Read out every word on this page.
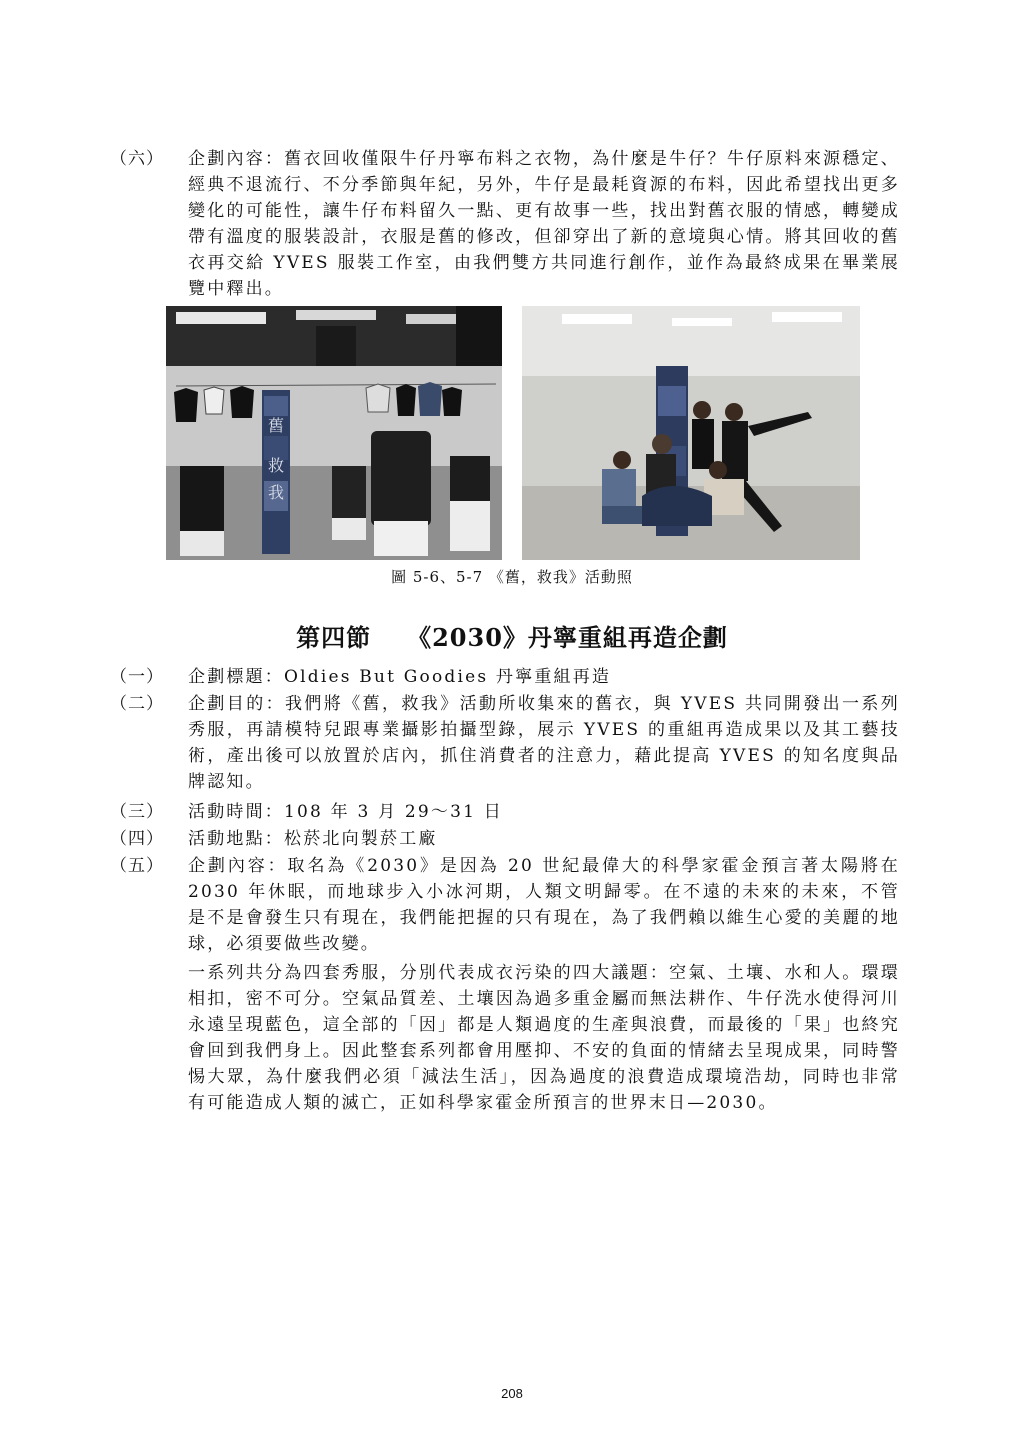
（六）	企劃內容：舊衣回收僅限牛仔丹寧布料之衣物，為什麼是牛仔？牛仔原料來源穩定、經典不退流行、不分季節與年紀，另外，牛仔是最耗資源的布料，因此希望找出更多變化的可能性，讓牛仔布料留久一點、更有故事一些，找出對舊衣服的情感，轉變成帶有溫度的服裝設計，衣服是舊的修改，但卻穿出了新的意境與心情。將其回收的舊衣再交給 YVES 服裝工作室，由我們雙方共同進行創作，並作為最終成果在畢業展覽中釋出。
舊
救
我
圖 5-6、5-7 《舊，救我》活動照
第四節 《2030》丹寧重組再造企劃
（一）	企劃標題：Oldies But Goodies 丹寧重組再造
（二）	企劃目的：我們將《舊，救我》活動所收集來的舊衣，與 YVES 共同開發出一系列秀服，再請模特兒跟專業攝影拍攝型錄，展示 YVES 的重組再造成果以及其工藝技術，產出後可以放置於店內，抓住消費者的注意力，藉此提高 YVES 的知名度與品牌認知。
（三）	活動時間：108 年 3 月 29～31 日
（四）	活動地點：松菸北向製菸工廠
（五）	企劃內容：取名為《2030》是因為 20 世紀最偉大的科學家霍金預言著太陽將在 2030 年休眠，而地球步入小冰河期，人類文明歸零。在不遠的未來的未來，不管是不是會發生只有現在，我們能把握的只有現在，為了我們賴以維生心愛的美麗的地球，必須要做些改變。
一系列共分為四套秀服，分別代表成衣污染的四大議題：空氣、土壤、水和人。環環相扣，密不可分。空氣品質差、土壤因為過多重金屬而無法耕作、牛仔洗水使得河川永遠呈現藍色，這全部的「因」都是人類過度的生產與浪費，而最後的「果」也終究會回到我們身上。因此整套系列都會用壓抑、不安的負面的情緒去呈現成果，同時警惕大眾，為什麼我們必須「減法生活」，因為過度的浪費造成環境浩劫，同時也非常有可能造成人類的滅亡，正如科學家霍金所預言的世界末日—2030。
208
